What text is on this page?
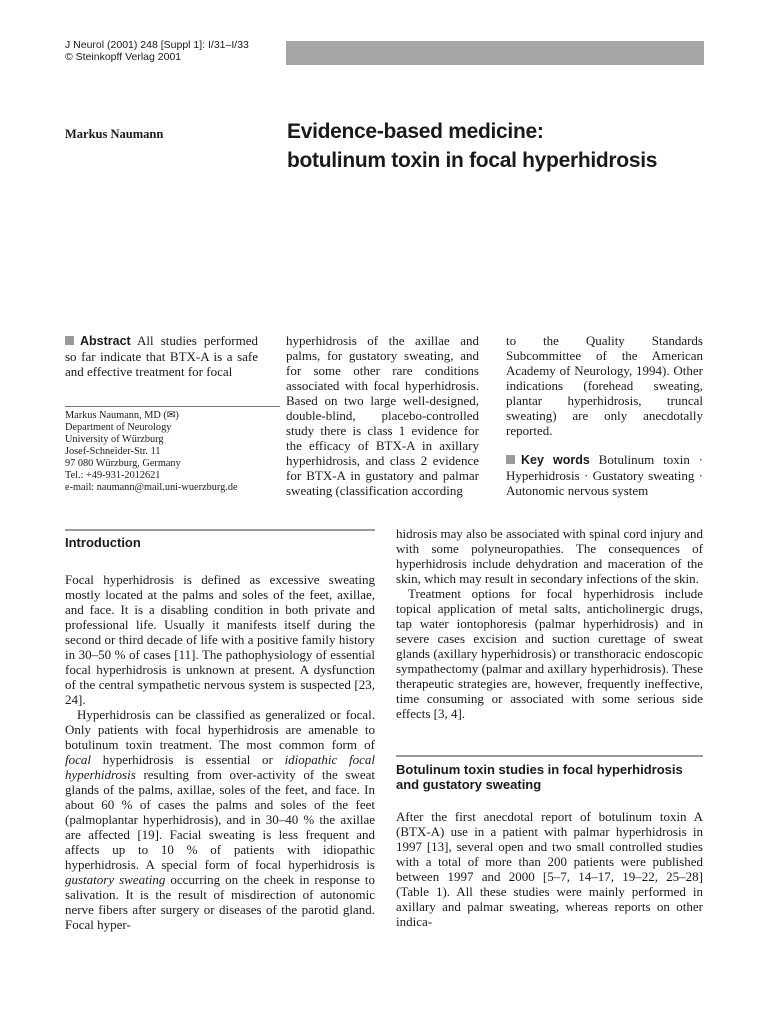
J Neurol (2001) 248 [Suppl 1]: I/31–I/33
© Steinkopff Verlag 2001
Markus Naumann	Evidence-based medicine:
botulinum toxin in focal hyperhidrosis
Abstract All studies performed so far indicate that BTX-A is a safe and effective treatment for focal
hyperhidrosis of the axillae and palms, for gustatory sweating, and for some other rare conditions associated with focal hyperhidrosis. Based on two large well-designed, double-blind, placebo-controlled study there is class 1 evidence for the efficacy of BTX-A in axillary hyperhidrosis, and class 2 evidence for BTX-A in gustatory and palmar sweating (classification according
to the Quality Standards Subcommittee of the American Academy of Neurology, 1994). Other indications (forehead sweating, plantar hyperhidrosis, truncal sweating) are only anecdotally reported.
Key words Botulinum toxin · Hyperhidrosis · Gustatory sweating · Autonomic nervous system
Markus Naumann, MD (✉)
Department of Neurology
University of Würzburg
Josef-Schneider-Str. 11
97 080 Würzburg, Germany
Tel.: +49-931-2012621
e-mail: naumann@mail.uni-wuerzburg.de
Introduction

Focal hyperhidrosis is defined as excessive sweating mostly located at the palms and soles of the feet, axillae, and face. It is a disabling condition in both private and professional life. Usually it manifests itself during the second or third decade of life with a positive family history in 30–50 % of cases [11]. The pathophysiology of essential focal hyperhidrosis is unknown at present. A dysfunction of the central sympathetic nervous system is suspected [23, 24].

Hyperhidrosis can be classified as generalized or focal. Only patients with focal hyperhidrosis are amenable to botulinum toxin treatment. The most common form of focal hyperhidrosis is essential or idiopathic focal hyperhidrosis resulting from over-activity of the sweat glands of the palms, axillae, soles of the feet, and face. In about 60 % of cases the palms and soles of the feet (palmoplantar hyperhidrosis), and in 30–40 % the axillae are affected [19]. Facial sweating is less frequent and affects up to 10 % of patients with idiopathic hyperhidrosis. A special form of focal hyperhidrosis is gustatory sweating occurring on the cheek in response to salivation. It is the result of misdirection of autonomic nerve fibers after surgery or diseases of the parotid gland. Focal hyper-

hidrosis may also be associated with spinal cord injury and with some polyneuropathies. The consequences of hyperhidrosis include dehydration and maceration of the skin, which may result in secondary infections of the skin.

Treatment options for focal hyperhidrosis include topical application of metal salts, anticholinergic drugs, tap water iontophoresis (palmar hyperhidrosis) and in severe cases excision and suction curettage of sweat glands (axillary hyperhidrosis) or transthoracic endoscopic sympathectomy (palmar and axillary hyperhidrosis). These therapeutic strategies are, however, frequently ineffective, time consuming or associated with some serious side effects [3, 4].

Botulinum toxin studies in focal hyperhidrosis and gustatory sweating

After the first anecdotal report of botulinum toxin A (BTX-A) use in a patient with palmar hyperhidrosis in 1997 [13], several open and two small controlled studies with a total of more than 200 patients were published between 1997 and 2000 [5–7, 14–17, 19–22, 25–28] (Table 1). All these studies were mainly performed in axillary and palmar sweating, whereas reports on other indica-
